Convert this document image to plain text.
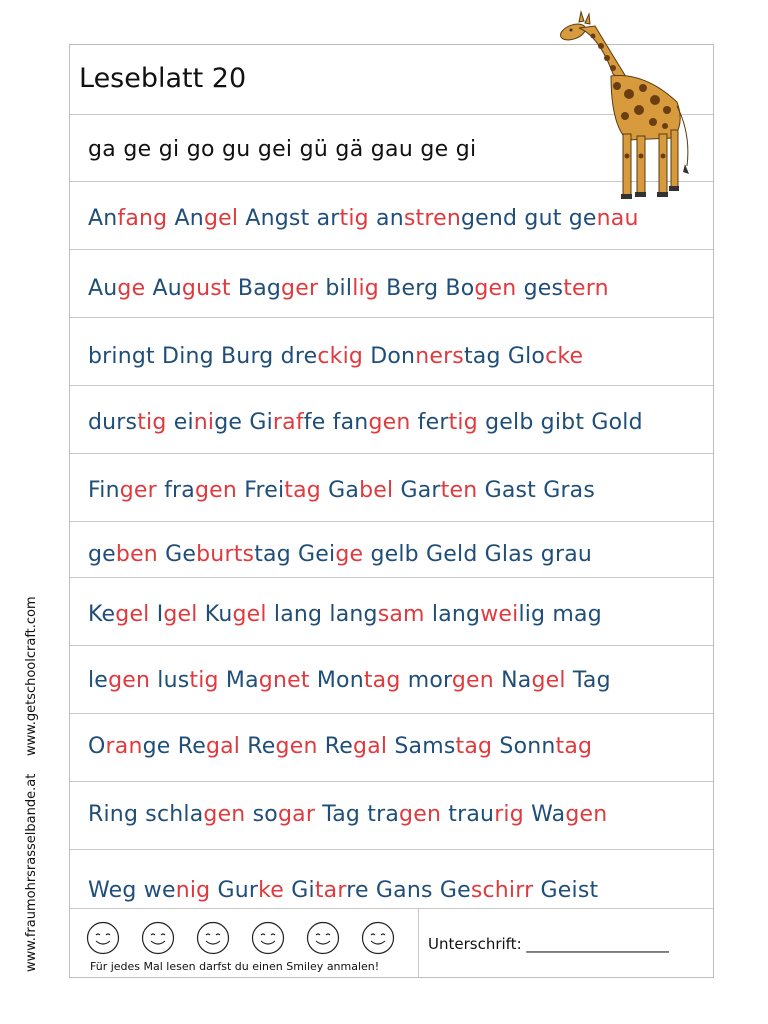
Leseblatt 20
ga ge gi go gu gei gü gä gau ge gi
Anfang Angel Angst artig anstrengend gut genau
Auge August Bagger billig Berg Bogen gestern
bringt Ding Burg dreckig Donnerstag Glocke
durstig einige Giraffe fangen fertig gelb gibt Gold
Finger fragen Freitag Gabel Garten Gast Gras
geben Geburtstag Geige gelb Geld Glas grau
Kegel Igel Kugel lang langsam langweilig mag
legen lustig Magnet Montag morgen Nagel Tag
Orange Regal Regen Regal Samstag Sonntag
Ring schlagen sogar Tag tragen traurig Wagen
Weg wenig Gurke Gitarre Gans Geschirr Geist
Für jedes Mal lesen darfst du einen Smiley anmalen!
Unterschrift: ___________________
www.getschoolcraft.com
www.fraumohrsrasselbande.at
